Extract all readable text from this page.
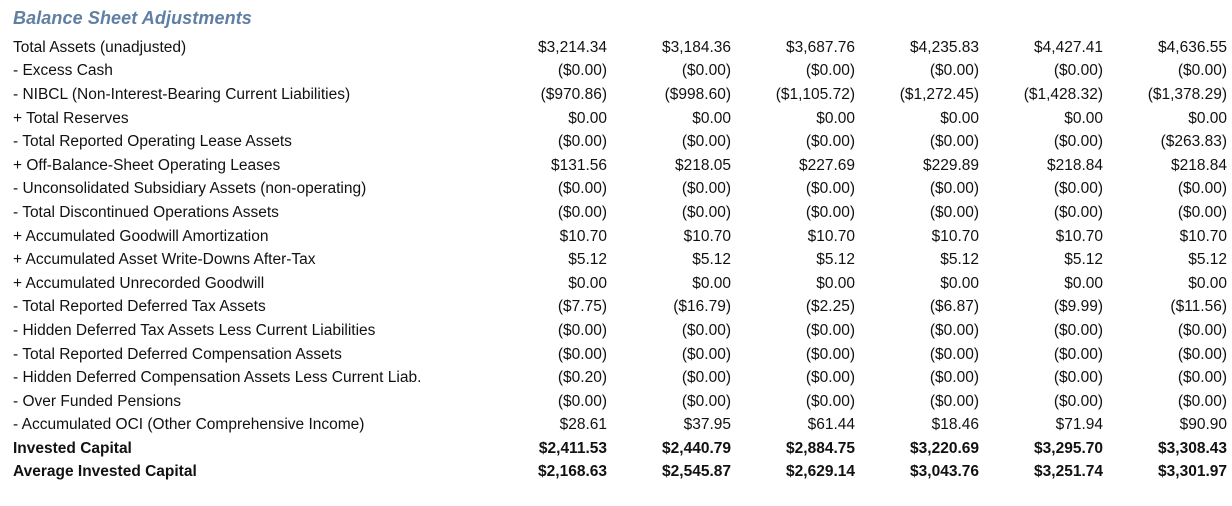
Balance Sheet Adjustments
Total Assets (unadjusted)	$3,214.34	$3,184.36	$3,687.76	$4,235.83	$4,427.41	$4,636.55
- Excess Cash	($0.00)	($0.00)	($0.00)	($0.00)	($0.00)	($0.00)
- NIBCL (Non-Interest-Bearing Current Liabilities)	($970.86)	($998.60)	($1,105.72)	($1,272.45)	($1,428.32)	($1,378.29)
+ Total Reserves	$0.00	$0.00	$0.00	$0.00	$0.00	$0.00
- Total Reported Operating Lease Assets	($0.00)	($0.00)	($0.00)	($0.00)	($0.00)	($263.83)
+ Off-Balance-Sheet Operating Leases	$131.56	$218.05	$227.69	$229.89	$218.84	$218.84
- Unconsolidated Subsidiary Assets (non-operating)	($0.00)	($0.00)	($0.00)	($0.00)	($0.00)	($0.00)
- Total Discontinued Operations Assets	($0.00)	($0.00)	($0.00)	($0.00)	($0.00)	($0.00)
+ Accumulated Goodwill Amortization	$10.70	$10.70	$10.70	$10.70	$10.70	$10.70
+ Accumulated Asset Write-Downs After-Tax	$5.12	$5.12	$5.12	$5.12	$5.12	$5.12
+ Accumulated Unrecorded Goodwill	$0.00	$0.00	$0.00	$0.00	$0.00	$0.00
- Total Reported Deferred Tax Assets	($7.75)	($16.79)	($2.25)	($6.87)	($9.99)	($11.56)
- Hidden Deferred Tax Assets Less Current Liabilities	($0.00)	($0.00)	($0.00)	($0.00)	($0.00)	($0.00)
- Total Reported Deferred Compensation Assets	($0.00)	($0.00)	($0.00)	($0.00)	($0.00)	($0.00)
- Hidden Deferred Compensation Assets Less Current Liab.	($0.20)	($0.00)	($0.00)	($0.00)	($0.00)	($0.00)
- Over Funded Pensions	($0.00)	($0.00)	($0.00)	($0.00)	($0.00)	($0.00)
- Accumulated OCI (Other Comprehensive Income)	$28.61	$37.95	$61.44	$18.46	$71.94	$90.90
Invested Capital	$2,411.53	$2,440.79	$2,884.75	$3,220.69	$3,295.70	$3,308.43
Average Invested Capital	$2,168.63	$2,545.87	$2,629.14	$3,043.76	$3,251.74	$3,301.97
